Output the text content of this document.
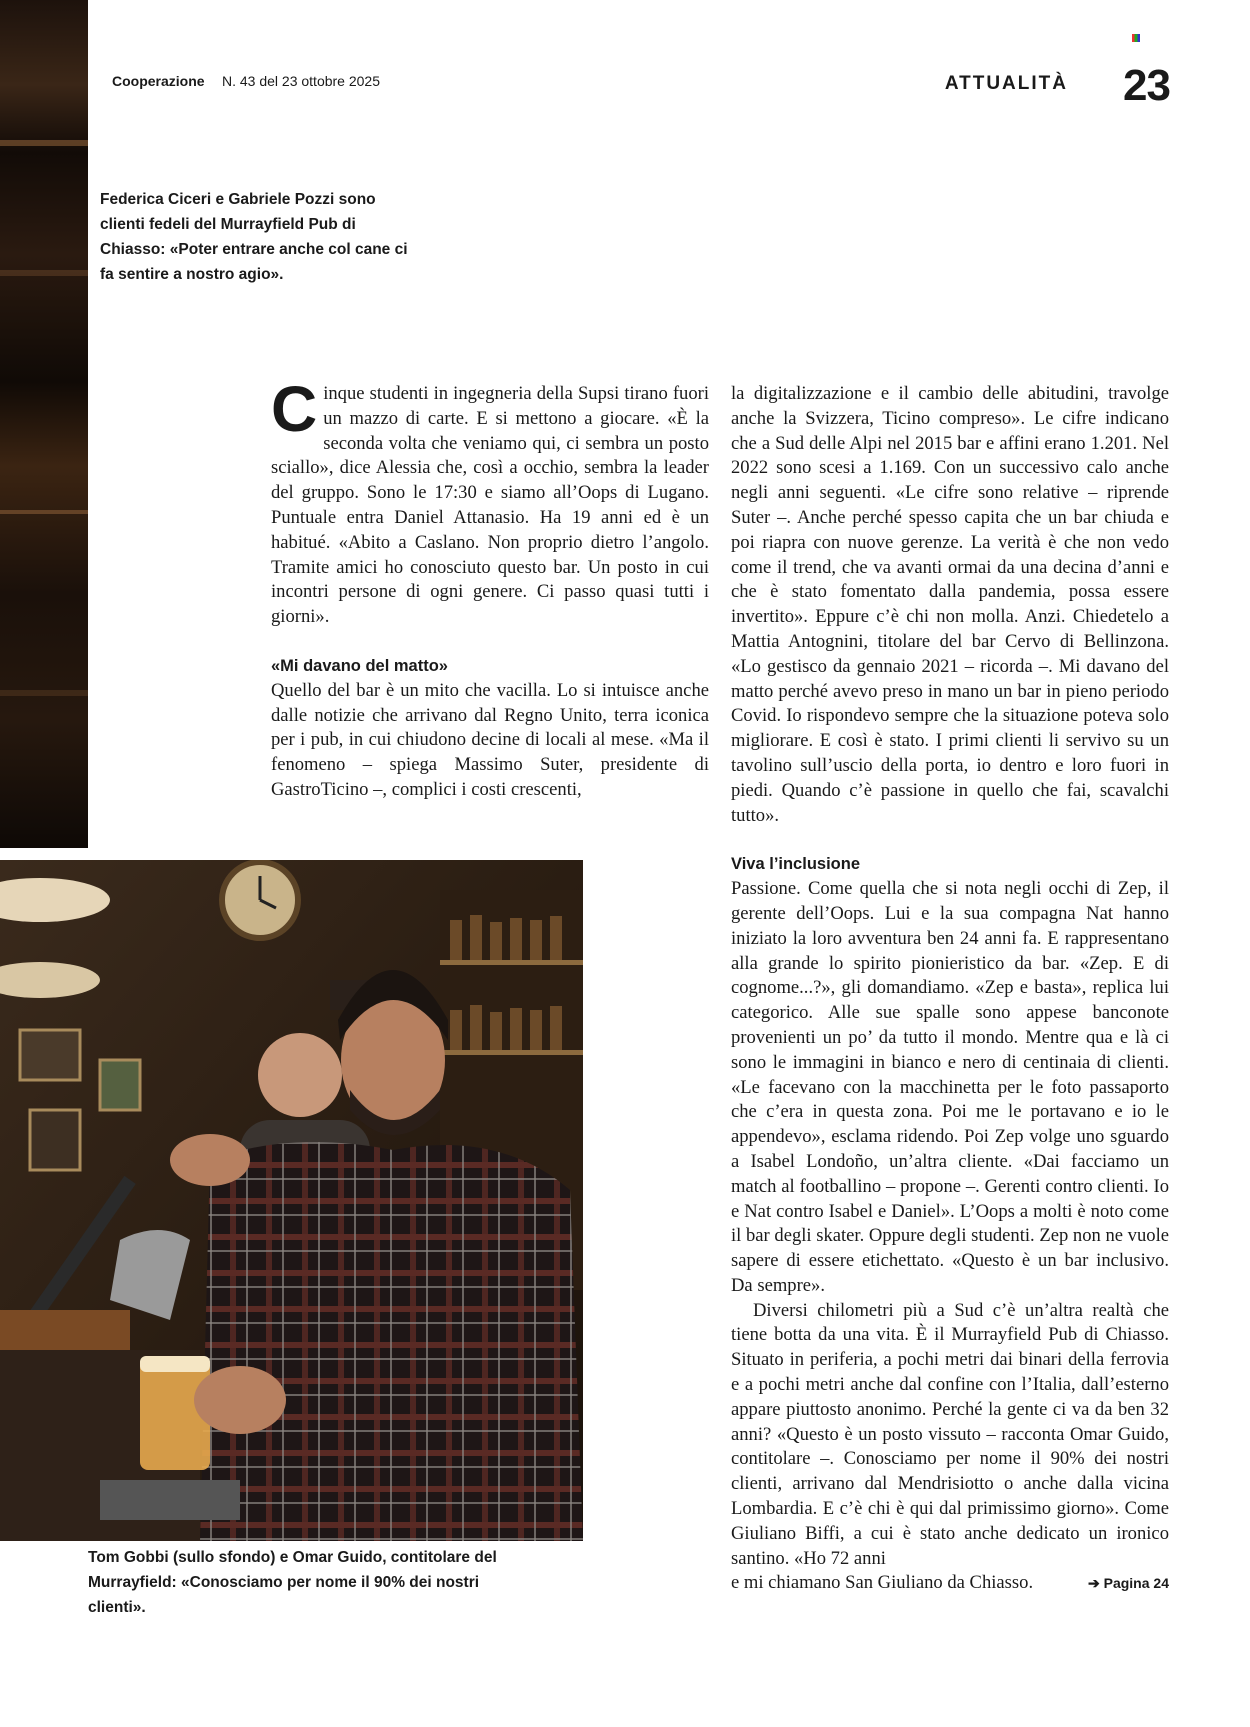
Cooperazione N. 43 del 23 ottobre 2025	ATTUALITÀ 23
Federica Ciceri e Gabriele Pozzi sono clienti fedeli del Murrayfield Pub di Chiasso: «Poter entrare anche col cane ci fa sentire a nostro agio».

C inque studenti in ingegneria della Supsi tirano fuori un mazzo di carte. E si mettono a giocare. «È la seconda volta che veniamo qui, ci sembra un posto sciallo», dice Alessia che, così a occhio, sembra la leader del gruppo. Sono le 17:30 e siamo all’Oops di Lugano. Puntuale entra Daniel Attanasio. Ha 19 anni ed è un habitué. «Abito a Caslano. Non proprio dietro l’angolo. Tramite amici ho conosciuto questo bar. Un posto in cui incontri persone di ogni genere. Ci passo quasi tutti i giorni».

«Mi davano del matto»

Quello del bar è un mito che vacilla. Lo si intuisce anche dalle notizie che arrivano dal Regno Unito, terra iconica per i pub, in cui chiudono decine di locali al mese. «Ma il fenomeno – spiega Massimo Suter, presidente di GastroTicino –, complici i costi crescenti,

la digitalizzazione e il cambio delle abitudini, travolge anche la Svizzera, Ticino compreso». Le cifre indicano che a Sud delle Alpi nel 2015 bar e affini erano 1.201. Nel 2022 sono scesi a 1.169. Con un successivo calo anche negli anni seguenti. «Le cifre sono relative – riprende Suter –. Anche perché spesso capita che un bar chiuda e poi riapra con nuove gerenze. La verità è che non vedo come il trend, che va avanti ormai da una decina d’anni e che è stato fomentato dalla pandemia, possa essere invertito». Eppure c’è chi non molla. Anzi. Chiedetelo a Mattia Antognini, titolare del bar Cervo di Bellinzona. «Lo gestisco da gennaio 2021 – ricorda –. Mi davano del matto perché avevo preso in mano un bar in pieno periodo Covid. Io rispondevo sempre che la situazione poteva solo migliorare. E così è stato. I primi clienti li servivo su un tavolino sull’uscio della porta, io dentro e loro fuori in piedi. Quando c’è passione in quello che fai, scavalchi tutto».

Viva l’inclusione

Passione. Come quella che si nota negli occhi di Zep, il gerente dell’Oops. Lui e la sua compagna Nat hanno iniziato la loro avventura ben 24 anni fa. E rappresentano alla grande lo spirito pionieristico da bar. «Zep. E di cognome...?», gli domandiamo. «Zep e basta», replica lui categorico. Alle sue spalle sono appese banconote provenienti un po’ da tutto il mondo. Mentre qua e là ci sono le immagini in bianco e nero di centinaia di clienti. «Le facevano con la macchinetta per le foto passaporto che c’era in questa zona. Poi me le portavano e io le appendevo», esclama ridendo. Poi Zep volge uno sguardo a Isabel Londoño, un’altra cliente. «Dai facciamo un match al footballino – propone –. Gerenti contro clienti. Io e Nat contro Isabel e Daniel». L’Oops a molti è noto come il bar degli skater. Oppure degli studenti. Zep non ne vuole sapere di essere etichettato. «Questo è un bar inclusivo. Da sempre».

Diversi chilometri più a Sud c’è un’altra realtà che tiene botta da una vita. È il Murrayfield Pub di Chiasso. Situato in periferia, a pochi metri dai binari della ferrovia e a pochi metri anche dal confine con l’Italia, dall’esterno appare piuttosto anonimo. Perché la gente ci va da ben 32 anni? «Questo è un posto vissuto – racconta Omar Guido, contitolare –. Conosciamo per nome il 90% dei nostri clienti, arrivano dal Mendrisiotto o anche dalla vicina Lombardia. E c’è chi è qui dal primissimo giorno». Come Giuliano Biffi, a cui è stato anche dedicato un ironico santino. «Ho 72 anni

e mi chiamano San Giuliano da Chiasso.	➔ Pagina 24
Tom Gobbi (sullo sfondo) e Omar Guido, contitolare del Murrayfield: «Conosciamo per nome il 90% dei nostri clienti».
